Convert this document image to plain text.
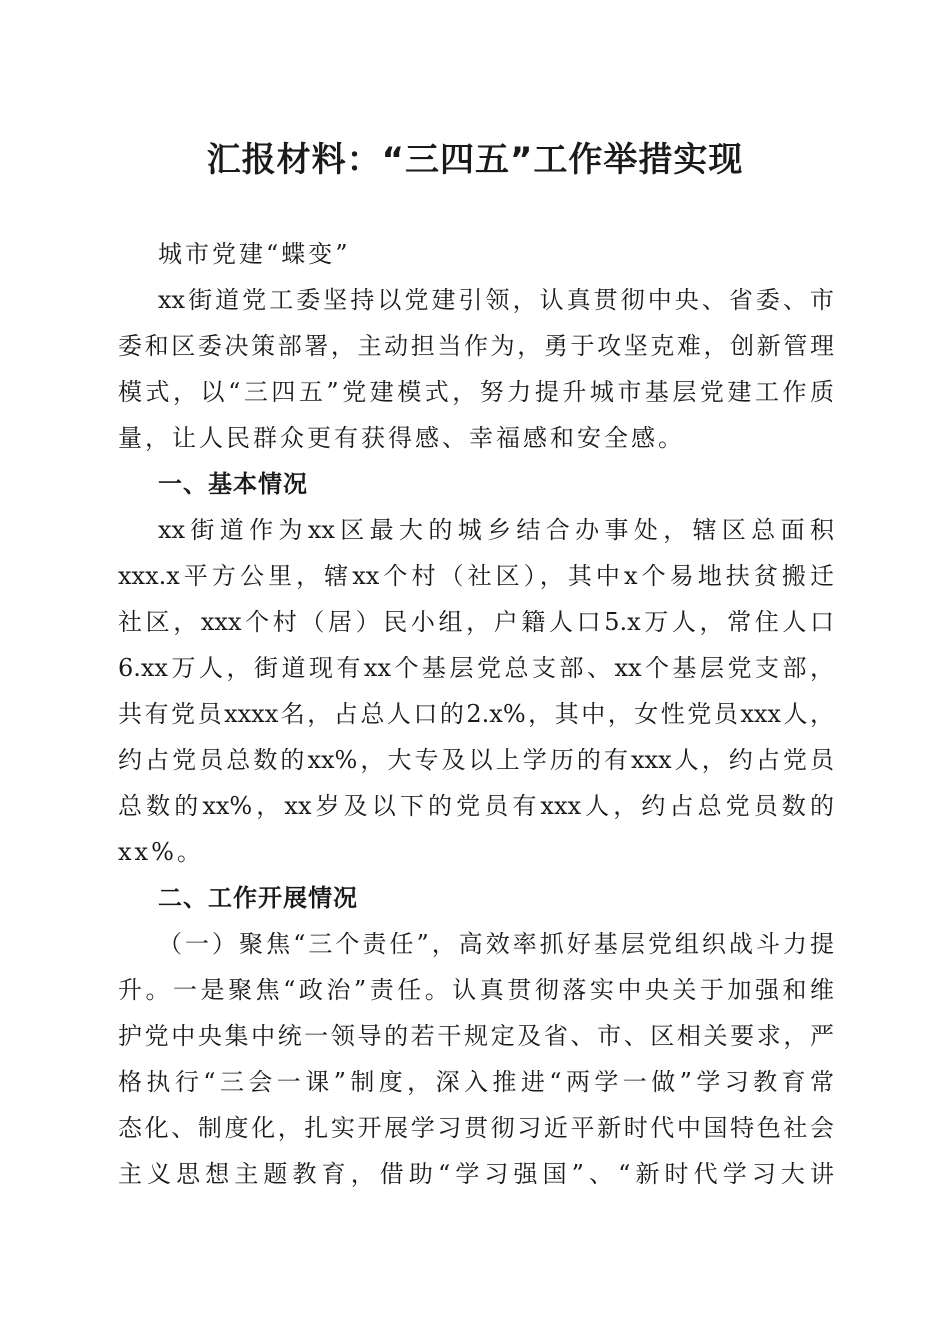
汇报材料：“三四五”工作举措实现
城市党建“蝶变”
xx街道党工委坚持以党建引领，认真贯彻中央、省委、市
委和区委决策部署，主动担当作为，勇于攻坚克难，创新管理
模式，以“三四五”党建模式，努力提升城市基层党建工作质
量，让人民群众更有获得感、幸福感和安全感。
一、基本情况
xx街道作为xx区最大的城乡结合办事处，辖区总面积
xxx.x平方公里，辖xx个村（社区），其中x个易地扶贫搬迁
社区，xxx个村（居）民小组，户籍人口5.x万人，常住人口
6.xx万人，街道现有xx个基层党总支部、xx个基层党支部，
共有党员xxxx名，占总人口的2.x%，其中，女性党员xxx人，
约占党员总数的xx%，大专及以上学历的有xxx人，约占党员
总数的xx%，xx岁及以下的党员有xxx人，约占总党员数的
xx%。
二、工作开展情况
（一）聚焦“三个责任”，高效率抓好基层党组织战斗力提
升。一是聚焦“政治”责任。认真贯彻落实中央关于加强和维
护党中央集中统一领导的若干规定及省、市、区相关要求，严
格执行“三会一课”制度，深入推进“两学一做”学习教育常
态化、制度化，扎实开展学习贯彻习近平新时代中国特色社会
主义思想主题教育，借助“学习强国”、“新时代学习大讲
